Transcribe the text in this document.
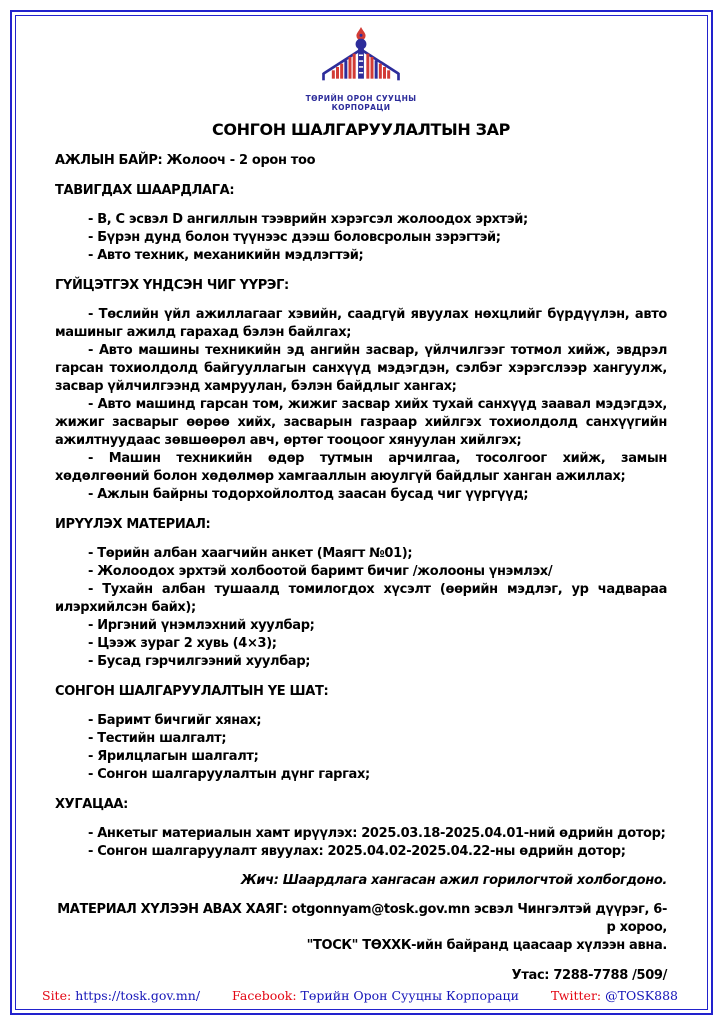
ТӨРИЙН ОРОН СУУЦНЫ
КОРПОРАЦИ
СОНГОН ШАЛГАРУУЛАЛТЫН ЗАР

АЖЛЫН БАЙР: Жолооч - 2 орон тоо

ТАВИГДАХ ШААРДЛАГА:

- В, С эсвэл D ангиллын тээврийн хэрэгсэл жолоодох эрхтэй;

- Бүрэн дунд болон түүнээс дээш боловсролын зэрэгтэй;

- Авто техник, механикийн мэдлэгтэй;

ГҮЙЦЭТГЭХ ҮНДСЭН ЧИГ ҮҮРЭГ:

- Төслийн үйл ажиллагааг хэвийн, саадгүй явуулах нөхцлийг бүрдүүлэн, авто машиныг ажилд гарахад бэлэн байлгах;

- Авто машины техникийн эд ангийн засвар, үйлчилгээг тотмол хийж, эвдрэл гарсан тохиолдолд байгууллагын санхүүд мэдэгдэн, сэлбэг хэрэгслээр хангуулж, засвар үйлчилгээнд хамруулан, бэлэн байдлыг хангах;

- Авто машинд гарсан том, жижиг засвар хийх тухай санхүүд заавал мэдэгдэх, жижиг засварыг өөрөө хийх, засварын газраар хийлгэх тохиолдолд санхүүгийн ажилтнуудаас зөвшөөрөл авч, өртөг тооцоог хянуулан хийлгэх;

- Машин техникийн өдөр тутмын арчилгаа, тосолгоог хийж, замын хөдөлгөөний болон хөдөлмөр хамгааллын аюулгүй байдлыг ханган ажиллах;

- Ажлын байрны тодорхойлолтод заасан бусад чиг үүргүүд;

ИРҮҮЛЭХ МАТЕРИАЛ:

- Төрийн албан хаагчийн анкет (Маягт №01);

- Жолоодох эрхтэй холбоотой баримт бичиг /жолооны үнэмлэх/

- Тухайн албан тушаалд томилогдох хүсэлт (өөрийн мэдлэг, ур чадвараа илэрхийлсэн байх);

- Иргэний үнэмлэхний хуулбар;

- Цээж зураг 2 хувь (4×3);

- Бусад гэрчилгээний хуулбар;

СОНГОН ШАЛГАРУУЛАЛТЫН ҮЕ ШАТ:

- Баримт бичгийг хянах;

- Тестийн шалгалт;

- Ярилцлагын шалгалт;

- Сонгон шалгаруулалтын дүнг гаргах;

ХУГАЦАА:

- Анкетыг материалын хамт ирүүлэх: 2025.03.18-2025.04.01-ний өдрийн дотор;

- Сонгон шалгаруулалт явуулах: 2025.04.02-2025.04.22-ны өдрийн дотор;

Жич: Шаардлага хангасан ажил горилогчтой холбогдоно.

МАТЕРИАЛ ХҮЛЭЭН АВАХ ХАЯГ: otgonnyam@tosk.gov.mn эсвэл Чингэлтэй дүүрэг, 6-р хороо,

"ТОСК" ТӨХХК-ийн байранд цаасаар хүлээн авна.

Утас: 7288-7788 /509/

Site: https://tosk.gov.mn/	Facebook: Төрийн Орон Сууцны Корпораци	Twitter: @TOSK888
